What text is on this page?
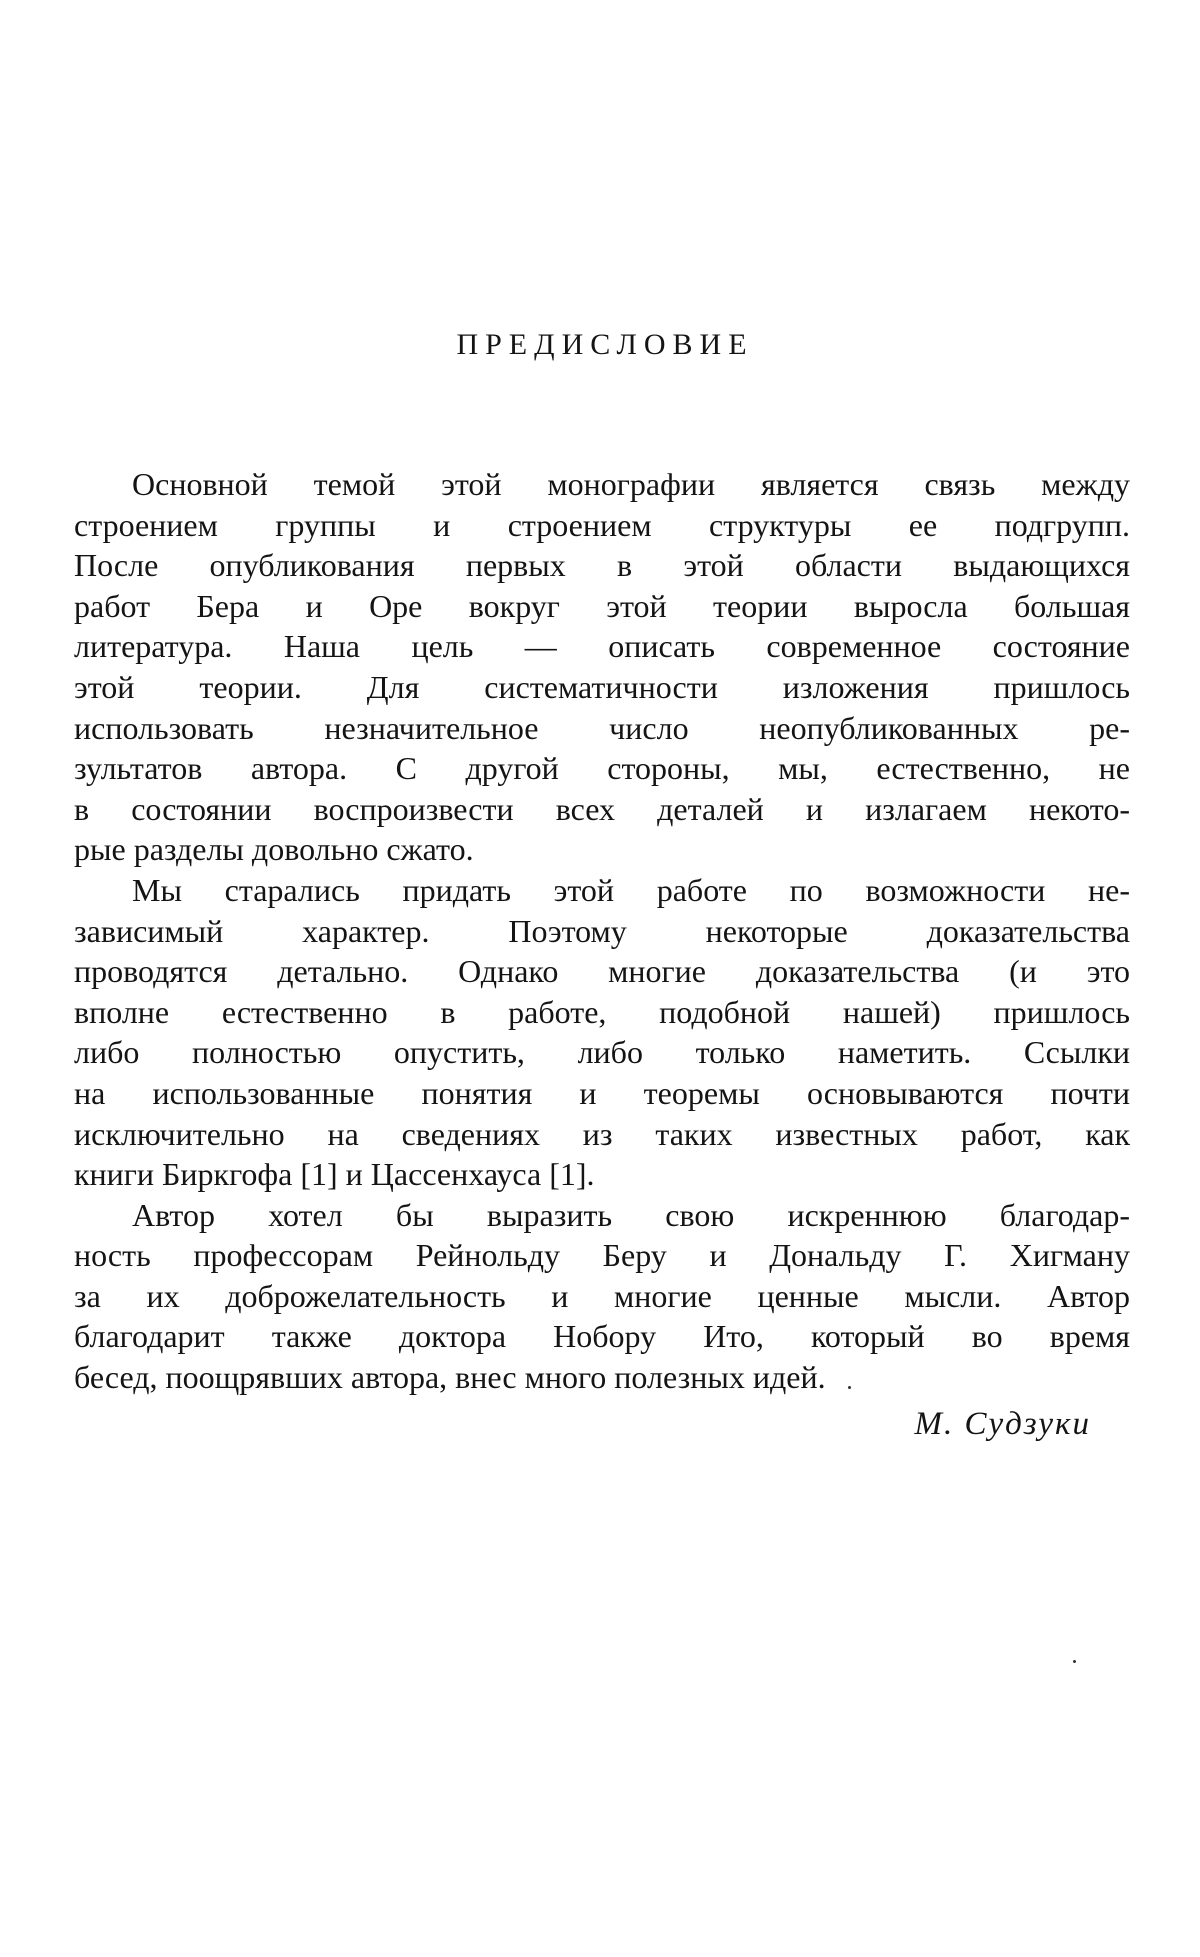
ПРЕДИСЛОВИЕ
Основной темой этой монографии является связь между
строением группы и строением структуры ее подгрупп.
После опубликования первых в этой области выдающихся
работ Бера и Оре вокруг этой теории выросла большая
литература. Наша цель — описать современное состояние
этой теории. Для систематичности изложения пришлось
использовать незначительное число неопубликованных ре-
зультатов автора. С другой стороны, мы, естественно, не
в состоянии воспроизвести всех деталей и излагаем некото-
рые разделы довольно сжато.
Мы старались придать этой работе по возможности не-
зависимый характер. Поэтому некоторые доказательства
проводятся детально. Однако многие доказательства (и это
вполне естественно в работе, подобной нашей) пришлось
либо полностью опустить, либо только наметить. Ссылки
на использованные понятия и теоремы основываются почти
исключительно на сведениях из таких известных работ, как
книги Биркгофа [1] и Цассенхауса [1].
Автор хотел бы выразить свою искреннюю благодар-
ность профессорам Рейнольду Беру и Дональду Г. Хигману
за их доброжелательность и многие ценные мысли. Автор
благодарит также доктора Нобору Ито, который во время
бесед, поощрявших автора, внес много полезных идей.
М. Судзуки
